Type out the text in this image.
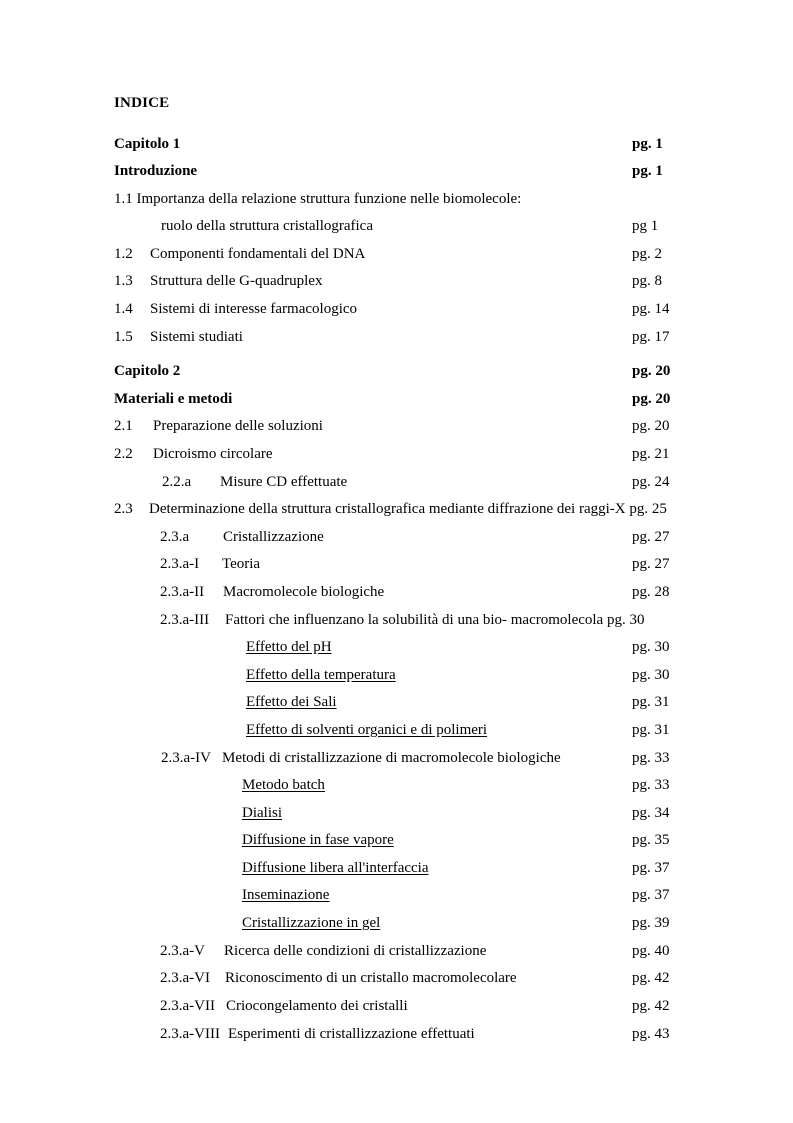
INDICE
Capitolo 1	pg. 1
Introduzione	pg. 1
1.1 Importanza della relazione struttura funzione nelle biomolecole:
ruolo della struttura cristallografica	pg 1
1.2 Componenti fondamentali del DNA	pg. 2
1.3 Struttura delle G-quadruplex	pg. 8
1.4 Sistemi di interesse farmacologico	pg. 14
1.5 Sistemi studiati	pg. 17
Capitolo 2	pg. 20
Materiali e metodi	pg. 20
2.1 Preparazione delle soluzioni	pg. 20
2.2 Dicroismo circolare	pg. 21
2.2.a Misure CD effettuate	pg. 24
2.3 Determinazione della struttura cristallografica mediante diffrazione dei raggi-X pg. 25
2.3.a Cristallizzazione	pg. 27
2.3.a-I Teoria	pg. 27
2.3.a-II Macromolecole biologiche	pg. 28
2.3.a-III Fattori che influenzano la solubilità di una bio- macromolecola pg. 30
Effetto del pH	pg. 30
Effetto della temperatura	pg. 30
Effetto dei Sali	pg. 31
Effetto di solventi organici e di polimeri	pg. 31
2.3.a-IV Metodi di cristallizzazione di macromolecole biologiche	pg. 33
Metodo batch	pg. 33
Dialisi	pg. 34
Diffusione in fase vapore	pg. 35
Diffusione libera all'interfaccia	pg. 37
Inseminazione	pg. 37
Cristallizzazione in gel	pg. 39
2.3.a-V Ricerca delle condizioni di cristallizzazione	pg. 40
2.3.a-VI Riconoscimento di un cristallo macromolecolare	pg. 42
2.3.a-VII Criocongelamento dei cristalli	pg. 42
2.3.a-VIII Esperimenti di cristallizzazione effettuati	pg. 43
